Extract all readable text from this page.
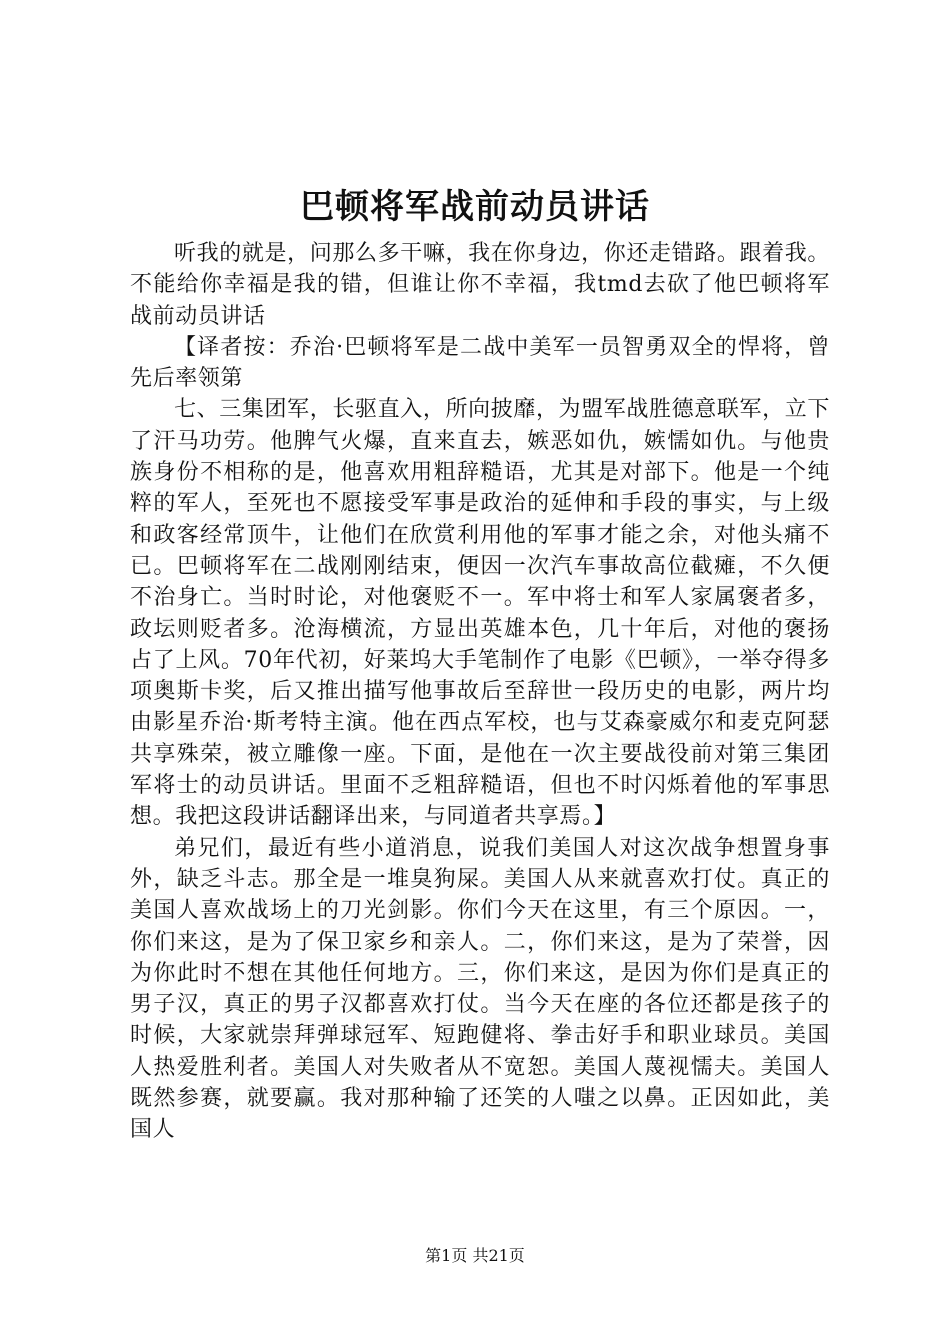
巴顿将军战前动员讲话

听我的就是，问那么多干嘛，我在你身边，你还走错路。跟着我。不能给你幸福是我的错，但谁让你不幸福，我tmd去砍了他巴顿将军战前动员讲话

【译者按：乔治·巴顿将军是二战中美军一员智勇双全的悍将，曾先后率领第

七、三集团军，长驱直入，所向披靡，为盟军战胜德意联军，立下了汗马功劳。他脾气火爆，直来直去，嫉恶如仇，嫉懦如仇。与他贵族身份不相称的是，他喜欢用粗辞糙语，尤其是对部下。他是一个纯粹的军人，至死也不愿接受军事是政治的延伸和手段的事实，与上级和政客经常顶牛，让他们在欣赏利用他的军事才能之余，对他头痛不已。巴顿将军在二战刚刚结束，便因一次汽车事故高位截瘫，不久便不治身亡。当时时论，对他褒贬不一。军中将士和军人家属褒者多，政坛则贬者多。沧海横流，方显出英雄本色，几十年后，对他的褒扬占了上风。70年代初，好莱坞大手笔制作了电影《巴顿》，一举夺得多项奥斯卡奖，后又推出描写他事故后至辞世一段历史的电影，两片均由影星乔治·斯考特主演。他在西点军校，也与艾森豪威尔和麦克阿瑟共享殊荣，被立雕像一座。下面，是他在一次主要战役前对第三集团军将士的动员讲话。里面不乏粗辞糙语，但也不时闪烁着他的军事思想。我把这段讲话翻译出来，与同道者共享焉。】

弟兄们，最近有些小道消息，说我们美国人对这次战争想置身事外，缺乏斗志。那全是一堆臭狗屎。美国人从来就喜欢打仗。真正的美国人喜欢战场上的刀光剑影。你们今天在这里，有三个原因。一，你们来这，是为了保卫家乡和亲人。二，你们来这，是为了荣誉，因为你此时不想在其他任何地方。三，你们来这，是因为你们是真正的男子汉，真正的男子汉都喜欢打仗。当今天在座的各位还都是孩子的时候，大家就崇拜弹球冠军、短跑健将、拳击好手和职业球员。美国人热爱胜利者。美国人对失败者从不宽恕。美国人蔑视懦夫。美国人既然参赛，就要赢。我对那种输了还笑的人嗤之以鼻。正因如此，美国人

第1页 共21页
